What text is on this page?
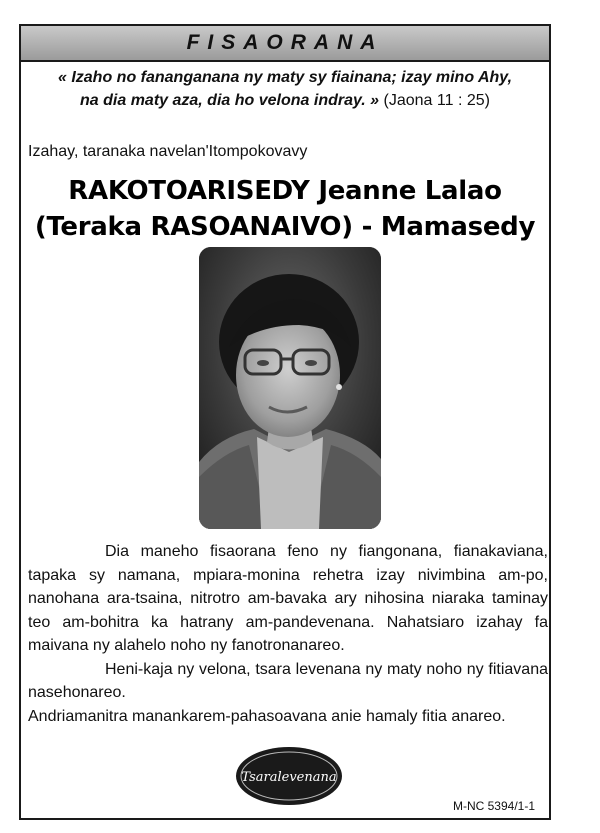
FISAORANA
« Izaho no fananganana ny maty sy fiainana; izay mino Ahy,
na dia maty aza, dia ho velona indray. » (Jaona 11 : 25)
Izahay, taranaka navelan'Itompokovavy
RAKOTOARISEDY Jeanne Lalao
(Teraka RASOANAIVO) - Mamasedy

Dia maneho fisaorana feno ny fiangonana, fianakaviana, tapaka sy namana, mpiara-monina rehetra izay nivimbina am-po, nanohana ara-tsaina, nitrotro am-bavaka ary nihosina niaraka taminay teo am-bohitra ka hatrany am-pandevenana. Nahatsiaro izahay fa maivana ny alahelo noho ny fanotronanareo.

Heni-kaja ny velona, tsara levenana ny maty noho ny fitiavana nasehonareo.

Andriamanitra manankarem-pahasoavana anie hamaly fitia anareo.

Tsaralevenana
M-NC 5394/1-1
